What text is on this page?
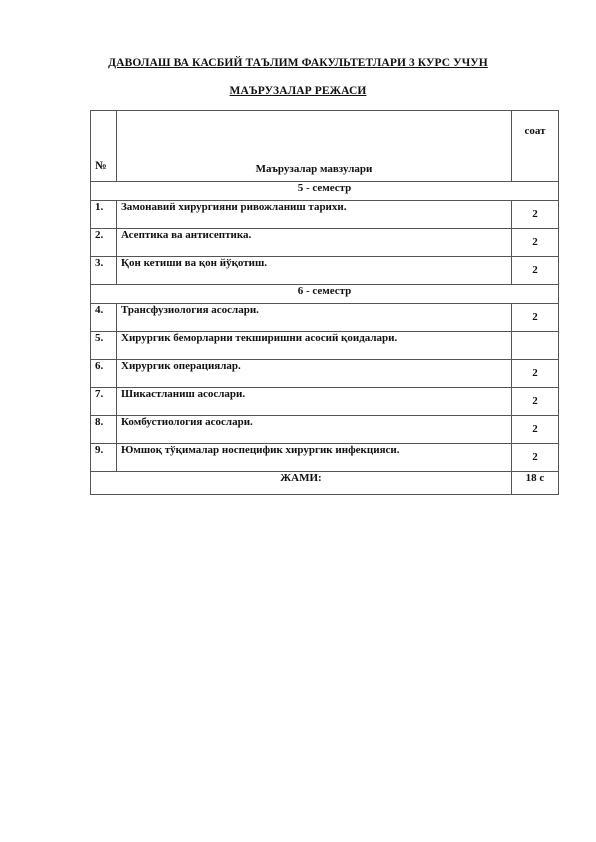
ДАВОЛАШ ВА КАСБИЙ ТАЪЛИМ ФАКУЛЬТЕТЛАРИ 3 КУРС УЧУН
МАЪРУЗАЛАР РЕЖАСИ
№	Маърузалар мавзулари	соат
5 - семестр		
1.	Замонавий хирургияни ривожланиш тарихи.	2
2.	Асептика ва антисептика.	2
3.	Қон кетиши ва қон йўқотиш.	2
6 - семестр		
4.	Трансфузиология асослари.	2
5.	Хирургик беморларни текширишни асосий қоидалари.	
6.	Хирургик операциялар.	2
7.	Шикастланиш асослари.	2
8.	Комбустиология асослари.	2
9.	Юмшоқ тўқималар носпецифик хирургик инфекцияси.	2
ЖАМИ:		18 с
